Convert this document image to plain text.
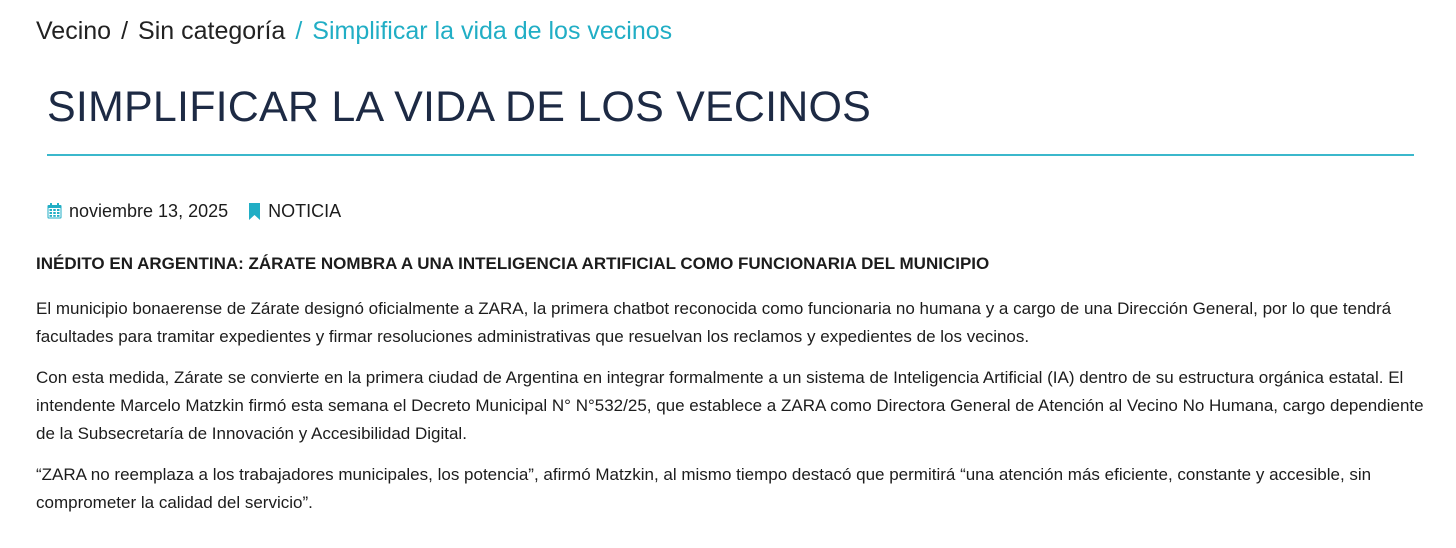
Vecino / Sin categoría / Simplificar la vida de los vecinos
SIMPLIFICAR LA VIDA DE LOS VECINOS
noviembre 13, 2025 NOTICIA

INÉDITO EN ARGENTINA: ZÁRATE NOMBRA A UNA INTELIGENCIA ARTIFICIAL COMO FUNCIONARIA DEL MUNICIPIO

El municipio bonaerense de Zárate designó oficialmente a ZARA, la primera chatbot reconocida como funcionaria no humana y a cargo de una Dirección General, por lo que tendrá facultades para tramitar expedientes y firmar resoluciones administrativas que resuelvan los reclamos y expedientes de los vecinos.

Con esta medida, Zárate se convierte en la primera ciudad de Argentina en integrar formalmente a un sistema de Inteligencia Artificial (IA) dentro de su estructura orgánica estatal. El intendente Marcelo Matzkin firmó esta semana el Decreto Municipal N° N°532/25, que establece a ZARA como Directora General de Atención al Vecino No Humana, cargo dependiente de la Subsecretaría de Innovación y Accesibilidad Digital.

“ZARA no reemplaza a los trabajadores municipales, los potencia”, afirmó Matzkin, al mismo tiempo destacó que permitirá “una atención más eficiente, constante y accesible, sin comprometer la calidad del servicio”.
